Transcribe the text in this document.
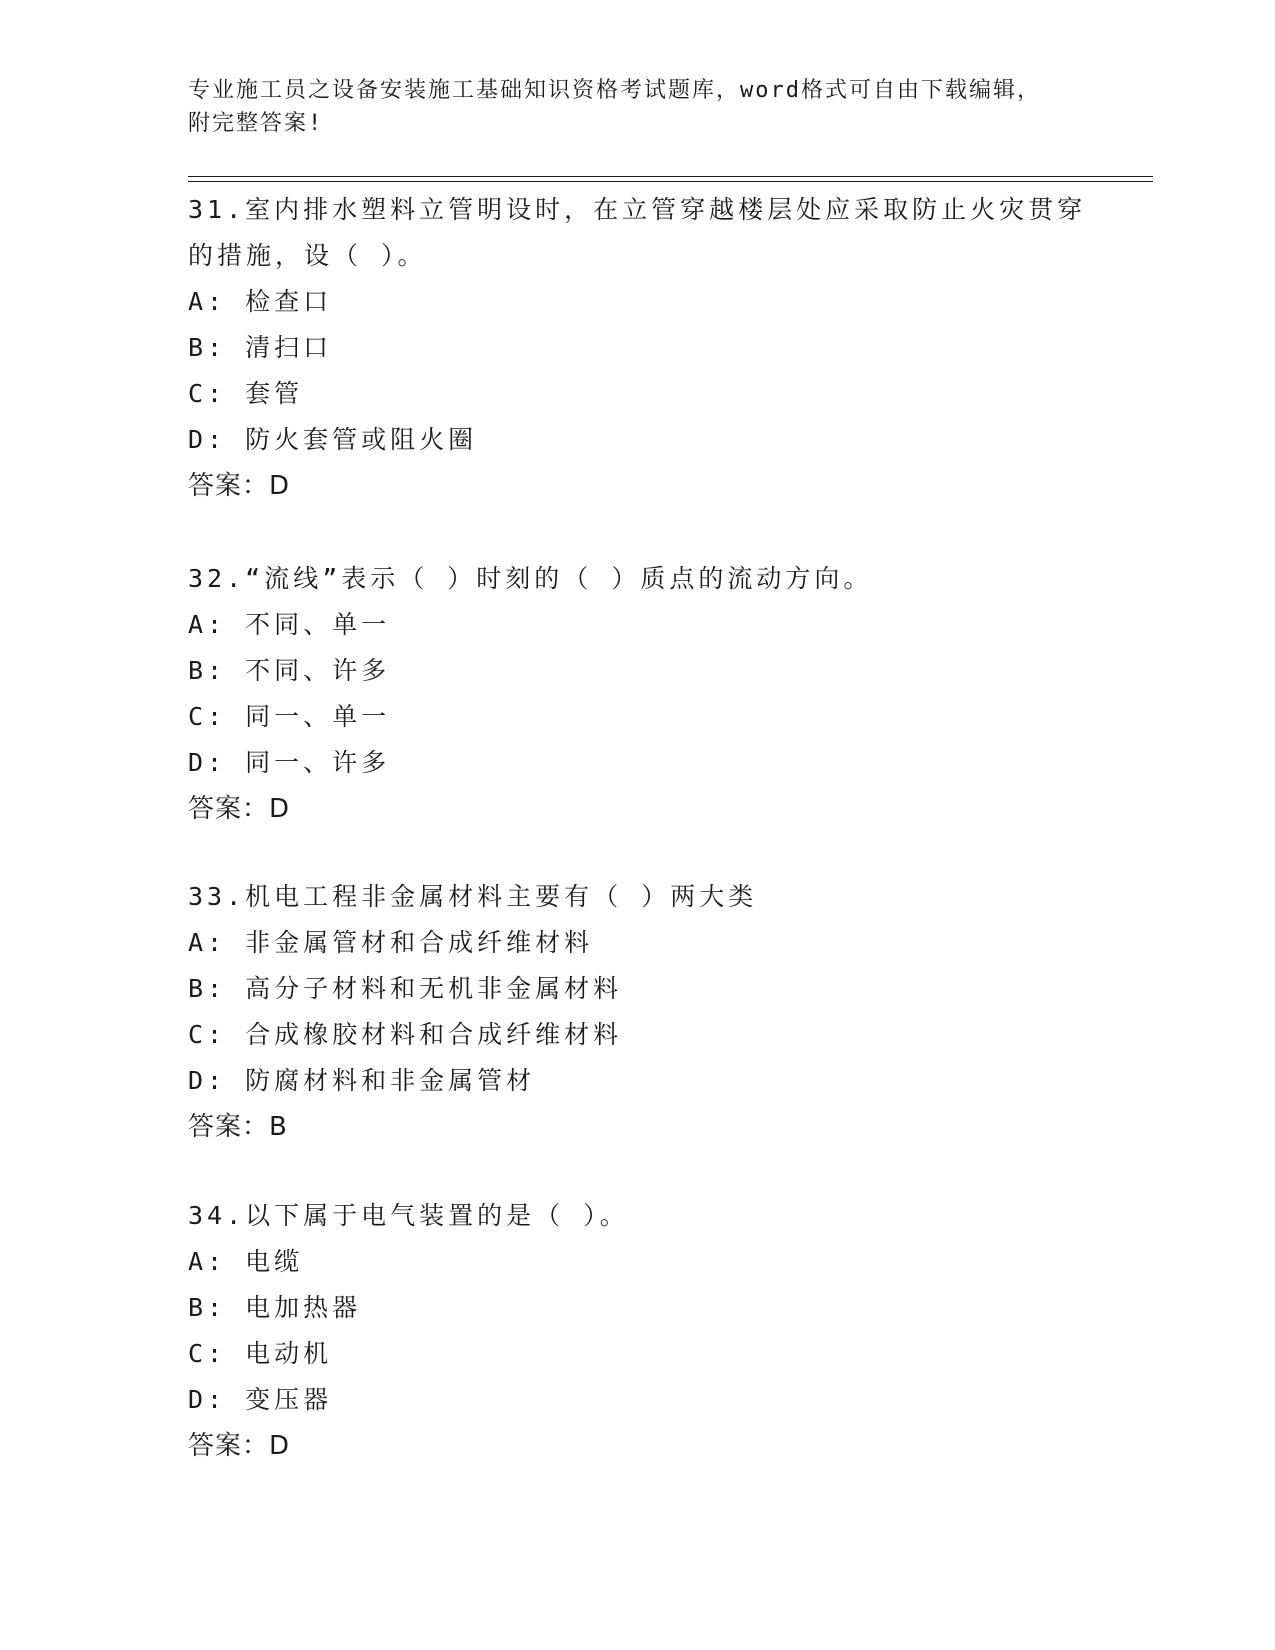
专业施工员之设备安装施工基础知识资格考试题库，word格式可自由下载编辑，
附完整答案!
31.室内排水塑料立管明设时，在立管穿越楼层处应采取防止火灾贯穿
的措施，设（ ）。
A: 检查口
B: 清扫口
C: 套管
D: 防火套管或阻火圈
答案：D
32.“流线”表示（ ）时刻的（ ）质点的流动方向。
A: 不同、单一
B: 不同、许多
C: 同一、单一
D: 同一、许多
答案：D
33.机电工程非金属材料主要有（ ）两大类
A: 非金属管材和合成纤维材料
B: 高分子材料和无机非金属材料
C: 合成橡胶材料和合成纤维材料
D: 防腐材料和非金属管材
答案：B
34.以下属于电气装置的是（ ）。
A: 电缆
B: 电加热器
C: 电动机
D: 变压器
答案：D
